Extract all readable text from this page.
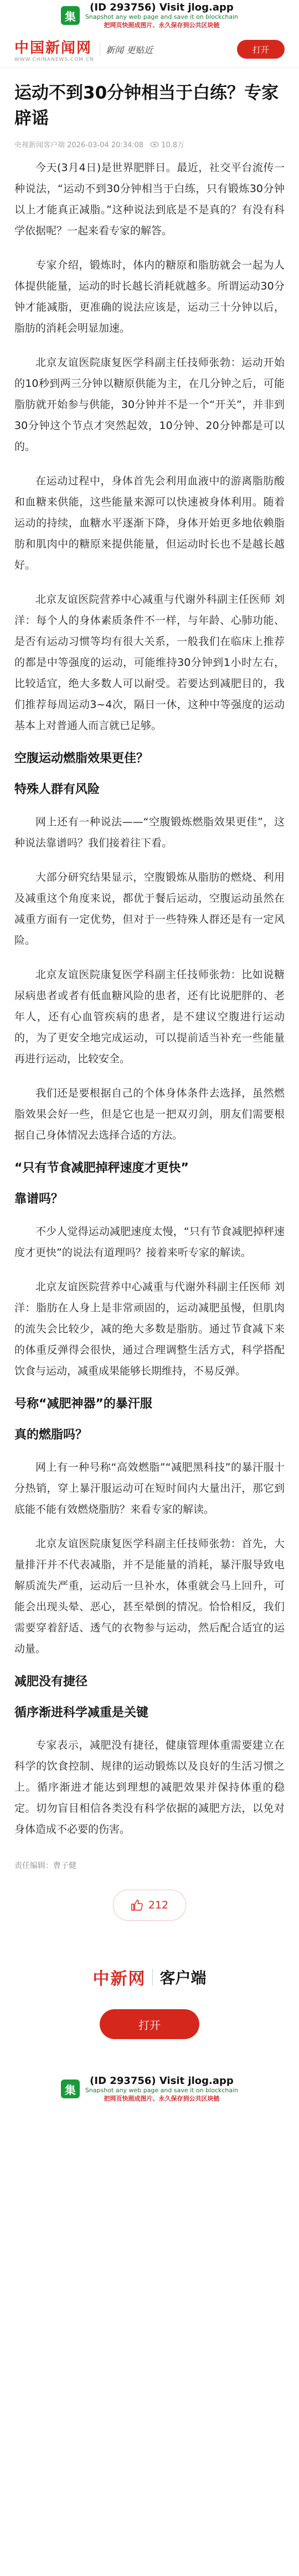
集
(ID 293756) Visit jlog.app
Snapshot any web page and save it on blockchain
把网页快照成图片、永久保存到公共区块链
中国新闻网
WWW.CHINANEWS.COM.CN
新闻 更贴近	打开
运动不到30分钟相当于白练？专家辟谣
央视新闻客户端 2026-03-04 20:34:08 10.8万

今天(3月4日)是世界肥胖日。最近，社交平台流传一种说法，“运动不到30分钟相当于白练，只有锻炼30分钟以上才能真正减脂。”这种说法到底是不是真的？有没有科学依据呢？一起来看专家的解答。

专家介绍，锻炼时，体内的糖原和脂肪就会一起为人体提供能量，运动的时长越长消耗就越多。所谓运动30分钟才能减脂，更准确的说法应该是，运动三十分钟以后，脂肪的消耗会明显加速。

北京友谊医院康复医学科副主任技师张勃：运动开始的10秒到两三分钟以糖原供能为主，在几分钟之后，可能脂肪就开始参与供能，30分钟并不是一个“开关”，并非到30分钟这个节点才突然起效，10分钟、20分钟都是可以的。

在运动过程中，身体首先会利用血液中的游离脂肪酸和血糖来供能，这些能量来源可以快速被身体利用。随着运动的持续，血糖水平逐渐下降，身体开始更多地依赖脂肪和肌肉中的糖原来提供能量，但运动时长也不是越长越好。

北京友谊医院营养中心减重与代谢外科副主任医师 刘洋：每个人的身体素质条件不一样，与年龄、心肺功能、是否有运动习惯等均有很大关系，一般我们在临床上推荐的都是中等强度的运动，可能维持30分钟到1小时左右，比较适宜，绝大多数人可以耐受。若要达到减肥目的，我们推荐每周运动3~4次，隔日一休，这种中等强度的运动基本上对普通人而言就已足够。

空腹运动燃脂效果更佳？
特殊人群有风险

网上还有一种说法——“空腹锻炼燃脂效果更佳”，这种说法靠谱吗？我们接着往下看。

大部分研究结果显示，空腹锻炼从脂肪的燃烧、利用及减重这个角度来说，都优于餐后运动，空腹运动虽然在减重方面有一定优势，但对于一些特殊人群还是有一定风险。

北京友谊医院康复医学科副主任技师张勃：比如说糖尿病患者或者有低血糖风险的患者，还有比说肥胖的、老年人，还有心血管疾病的患者，是不建议空腹进行运动的，为了更安全地完成运动，可以提前适当补充一些能量再进行运动，比较安全。

我们还是要根据自己的个体身体条件去选择，虽然燃脂效果会好一些，但是它也是一把双刃剑，朋友们需要根据自己身体情况去选择合适的方法。

“只有节食减肥掉秤速度才更快”
靠谱吗？

不少人觉得运动减肥速度太慢，“只有节食减肥掉秤速度才更快”的说法有道理吗？接着来听专家的解读。

北京友谊医院营养中心减重与代谢外科副主任医师 刘洋：脂肪在人身上是非常顽固的，运动减肥虽慢，但肌肉的流失会比较少，减的绝大多数是脂肪。通过节食减下来的体重反弹得会很快，通过合理调整生活方式，科学搭配饮食与运动，减重成果能够长期维持，不易反弹。

号称“减肥神器”的暴汗服
真的燃脂吗？

网上有一种号称“高效燃脂”“减肥黑科技”的暴汗服十分热销，穿上暴汗服运动可在短时间内大量出汗，那它到底能不能有效燃烧脂肪？来看专家的解读。

北京友谊医院康复医学科副主任技师张勃：首先，大量排汗并不代表减脂，并不是能量的消耗，暴汗服导致电解质流失严重，运动后一旦补水，体重就会马上回升，可能会出现头晕、恶心，甚至晕倒的情况。恰恰相反，我们需要穿着舒适、透气的衣物参与运动，然后配合适宜的运动量。

减肥没有捷径
循序渐进科学减重是关键

专家表示，减肥没有捷径，健康管理体重需要建立在科学的饮食控制、规律的运动锻炼以及良好的生活习惯之上。循序渐进才能达到理想的减肥效果并保持体重的稳定。切勿盲目相信各类没有科学依据的减肥方法，以免对身体造成不必要的伤害。

责任编辑：曹子健
212
中新网 客户端
打开
集
(ID 293756) Visit jlog.app
Snapshot any web page and save it on blockchain
把网页快照成图片、永久保存到公共区块链
